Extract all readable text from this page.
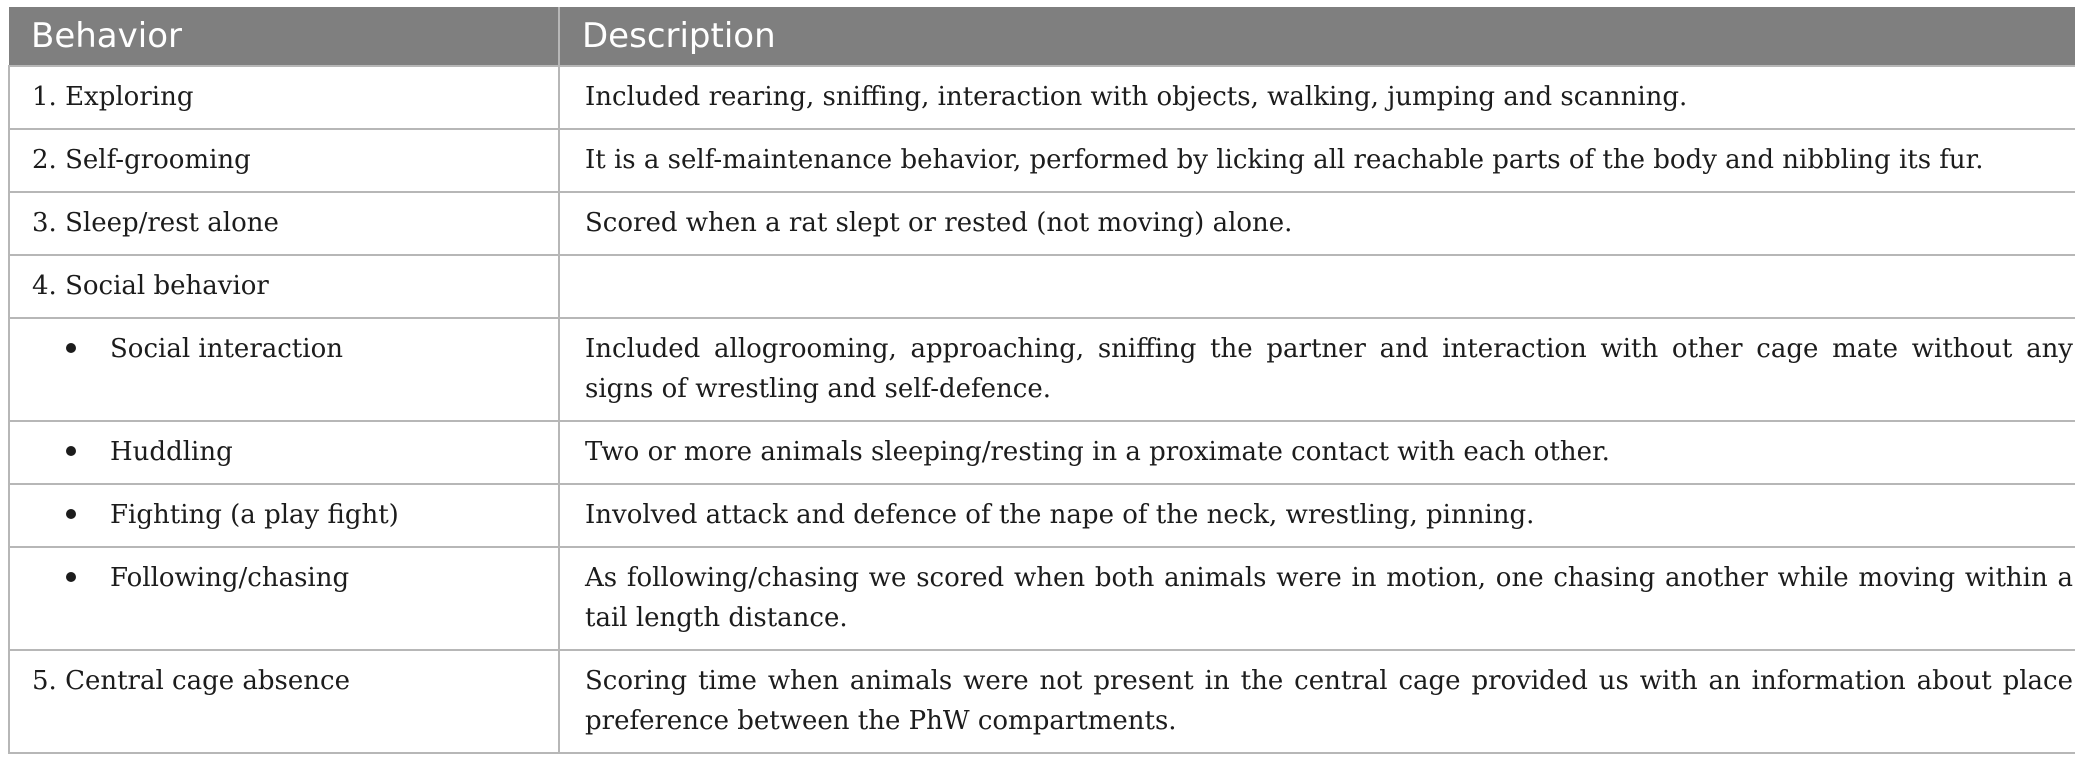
Behavior	Description
1. Exploring	Included rearing, sniffing, interaction with objects, walking, jumping and scanning.
2. Self-grooming	It is a self-maintenance behavior, performed by licking all reachable parts of the body and nibbling its fur.
3. Sleep/rest alone	Scored when a rat slept or rested (not moving) alone.
4. Social behavior	
Social interaction	Included allogrooming, approaching, sniffing the partner and interaction with other cage mate without any signs of wrestling and self-defence.
Huddling	Two or more animals sleeping/resting in a proximate contact with each other.
Fighting (a play fight)	Involved attack and defence of the nape of the neck, wrestling, pinning.
Following/chasing	As following/chasing we scored when both animals were in motion, one chasing another while moving within a tail length distance.
5. Central cage absence	Scoring time when animals were not present in the central cage provided us with an information about place preference between the PhW compartments.
